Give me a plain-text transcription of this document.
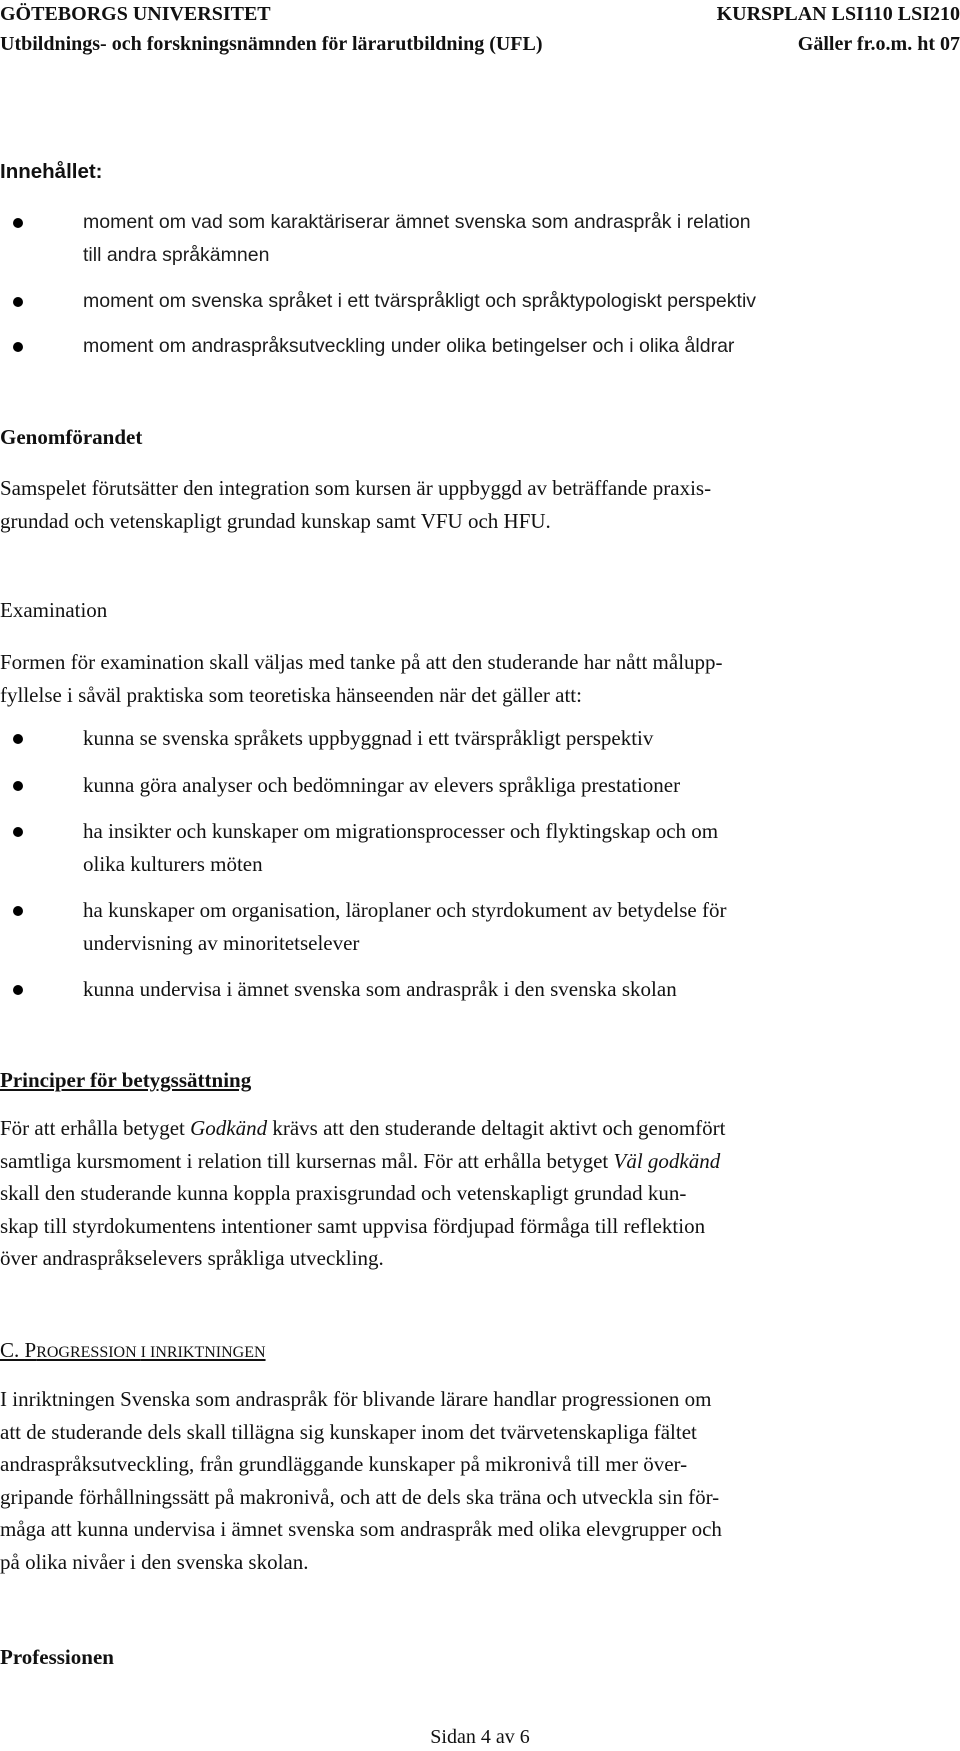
GÖTEBORGS UNIVERSITET	KURSPLAN LSI110 LSI210
Utbildnings- och forskningsnämnden för lärarutbildning (UFL)	Gäller fr.o.m. ht 07
Innehållet:
moment om vad som karaktäriserar ämnet svenska som andraspråk i relation
till andra språkämnen
moment om svenska språket i ett tvärspråkligt och språktypologiskt perspektiv
moment om andraspråksutveckling under olika betingelser och i olika åldrar
Genomförandet
Samspelet förutsätter den integration som kursen är uppbyggd av beträffande praxis-
grundad och vetenskapligt grundad kunskap samt VFU och HFU.
Examination
Formen för examination skall väljas med tanke på att den studerande har nått målupp-
fyllelse i såväl praktiska som teoretiska hänseenden när det gäller att:
kunna se svenska språkets uppbyggnad i ett tvärspråkligt perspektiv
kunna göra analyser och bedömningar av elevers språkliga prestationer
ha insikter och kunskaper om migrationsprocesser och flyktingskap och om
olika kulturers möten
ha kunskaper om organisation, läroplaner och styrdokument av betydelse för
undervisning av minoritetselever
kunna undervisa i ämnet svenska som andraspråk i den svenska skolan
Principer för betygssättning
För att erhålla betyget Godkänd krävs att den studerande deltagit aktivt och genomfört
samtliga kursmoment i relation till kursernas mål. För att erhålla betyget Väl godkänd
skall den studerande kunna koppla praxisgrundad och vetenskapligt grundad kun-
skap till styrdokumentens intentioner samt uppvisa fördjupad förmåga till reflektion
över andraspråkselevers språkliga utveckling.
C. PROGRESSION I INRIKTNINGEN
I inriktningen Svenska som andraspråk för blivande lärare handlar progressionen om
att de studerande dels skall tillägna sig kunskaper inom det tvärvetenskapliga fältet
andraspråksutveckling, från grundläggande kunskaper på mikronivå till mer över-
gripande förhållningssätt på makronivå, och att de dels ska träna och utveckla sin för-
måga att kunna undervisa i ämnet svenska som andraspråk med olika elevgrupper och
på olika nivåer i den svenska skolan.
Professionen
Sidan 4 av 6
